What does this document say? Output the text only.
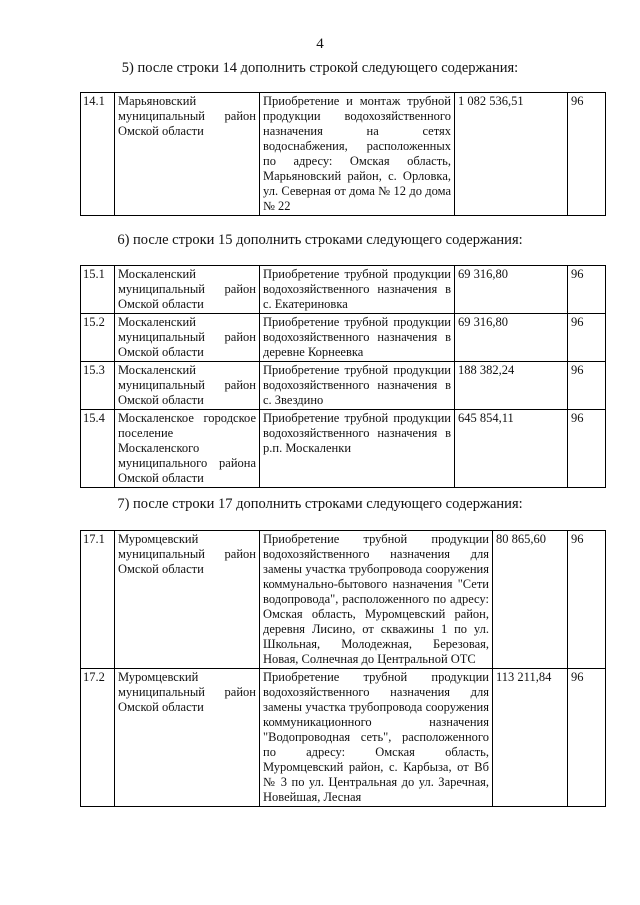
4
5) после строки 14 дополнить строкой следующего содержания:
14.1	Марьяновский муниципальный район Омской области	Приобретение и монтаж трубной продукции водохозяйственного назначения на сетях водоснабжения, расположенных по адресу: Омская область, Марьяновский район, с. Орловка, ул. Северная от дома № 12 до дома № 22	1 082 536,51	96
6) после строки 15 дополнить строками следующего содержания:
15.1	Москаленский муниципальный район Омской области	Приобретение трубной продукции водохозяйственного назначения в с. Екатериновка	69 316,80	96
15.2	Москаленский муниципальный район Омской области	Приобретение трубной продукции водохозяйственного назначения в деревне Корнеевка	69 316,80	96
15.3	Москаленский муниципальный район Омской области	Приобретение трубной продукции водохозяйственного назначения в с. Звездино	188 382,24	96
15.4	Москаленское городское поселение Москаленского муниципального района Омской области	Приобретение трубной продукции водохозяйственного назначения в р.п. Москаленки	645 854,11	96
7) после строки 17 дополнить строками следующего содержания:
17.1	Муромцевский муниципальный район Омской области	Приобретение трубной продукции водохозяйственного назначения для замены участка трубопровода сооружения коммунально-бытового назначения "Сети водопровода", расположенного по адресу: Омская область, Муромцевский район, деревня Лисино, от скважины 1 по ул. Школьная, Молодежная, Березовая, Новая, Солнечная до Центральной ОТС	80 865,60	96
17.2	Муромцевский муниципальный район Омской области	Приобретение трубной продукции водохозяйственного назначения для замены участка трубопровода сооружения коммуникационного назначения "Водопроводная сеть", расположенного по адресу: Омская область, Муромцевский район, с. Карбыза, от Вб № 3 по ул. Центральная до ул. Заречная, Новейшая, Лесная	113 211,84	96
